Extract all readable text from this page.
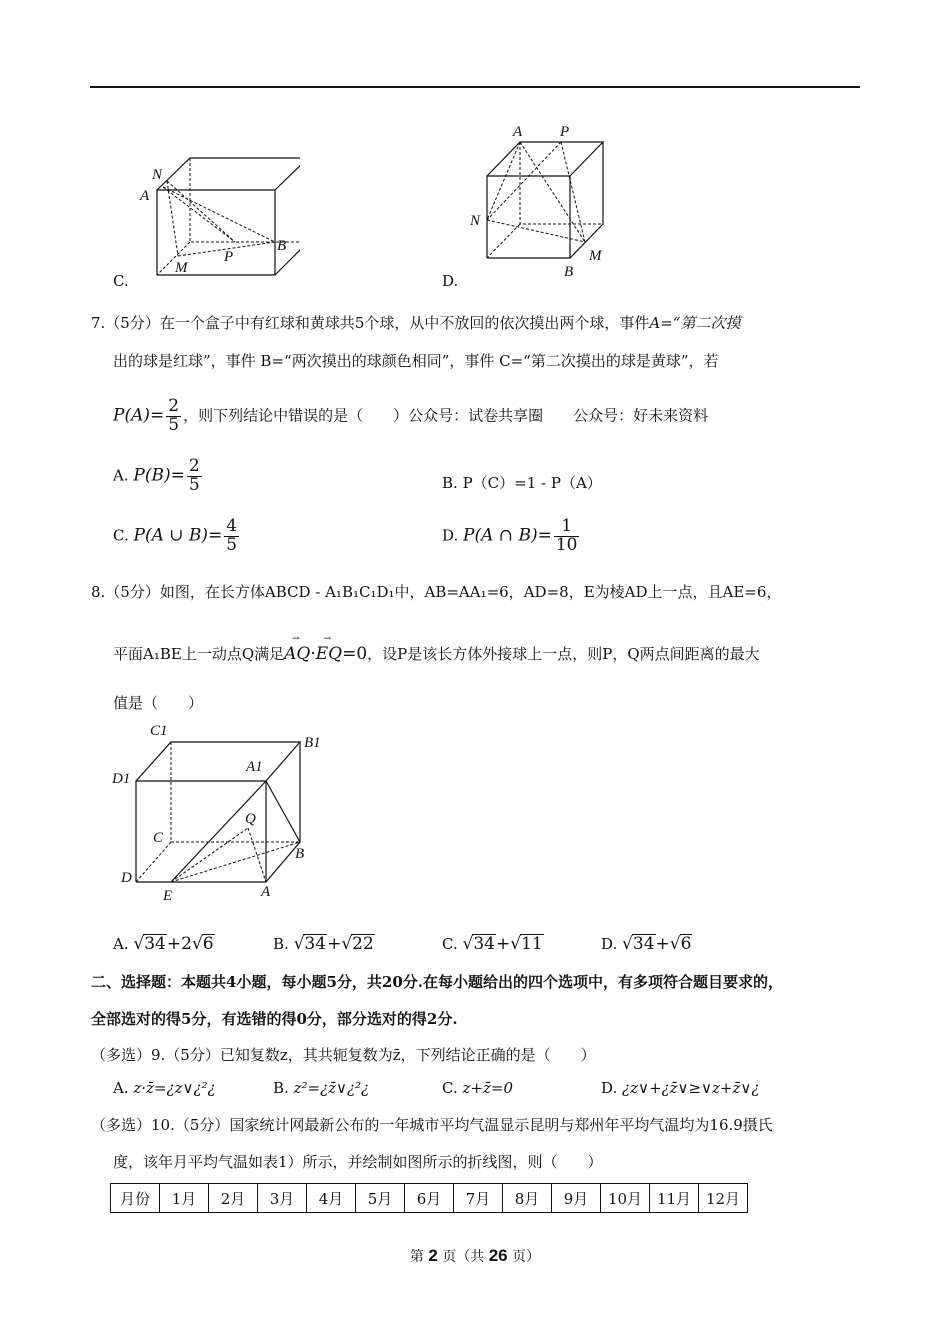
C.
N
A
M
P
B
D.
A	P
N
B
M
7.（5分）在一个盒子中有红球和黄球共5个球，从中不放回的依次摸出两个球，事件A=“第二次摸
出的球是红球”，事件 B=“两次摸出的球颜色相同”，事件 C=“第二次摸出的球是黄球”，若
$P(A)= \frac{2}{5}$ ，则下列结论中错误的是（　　）公众号：试卷共享圈　　公众号：好未来资料
A. $P(B)= \frac{2}{5}$	B. P（C）=1 - P（A）
C. P(A ∪ $B)= \frac{4}{5}$	D. P(A ∩ $B)= \frac{1}{10}$
8.（5分）如图，在长方体ABCD - A₁B₁C₁D₁中，AB=AA₁=6，AD=8，E为棱AD上一点，且AE=6，
平面A₁BE上一动点Q满足→ AQ·→ EQ=0，设P是该长方体外接球上一点，则P，Q两点间距离的最大
值是（　　）
C1
B1
D1
A1
Q
C
B
D
E	A
A. √34+2√6	B. √34+√22	C. √34+√11	D. √34+√6
二、选择题：本题共4小题，每小题5分，共20分.在每小题给出的四个选项中，有多项符合题目要求的，
全部选对的得5分，有选错的得0分，部分选对的得2分.
（多选）9.（5分）已知复数z，其共轭复数为z̄，下列结论正确的是（　　）
A. z·z̄=¿z∨¿²¿	B. z²=¿z̄∨¿²¿	C. z+z̄=0	D. ¿z∨+¿z̄∨≥∨z+z̄∨¿
（多选）10.（5分）国家统计网最新公布的一年城市平均气温显示昆明与郑州年平均气温均为16.9摄氏
度，该年月平均气温如表1）所示，并绘制如图所示的折线图，则（　　）
月份	1月	2月	3月	4月	5月	6月	7月	8月	9月	10月	11月	12月
第 2 页（共 26 页）
